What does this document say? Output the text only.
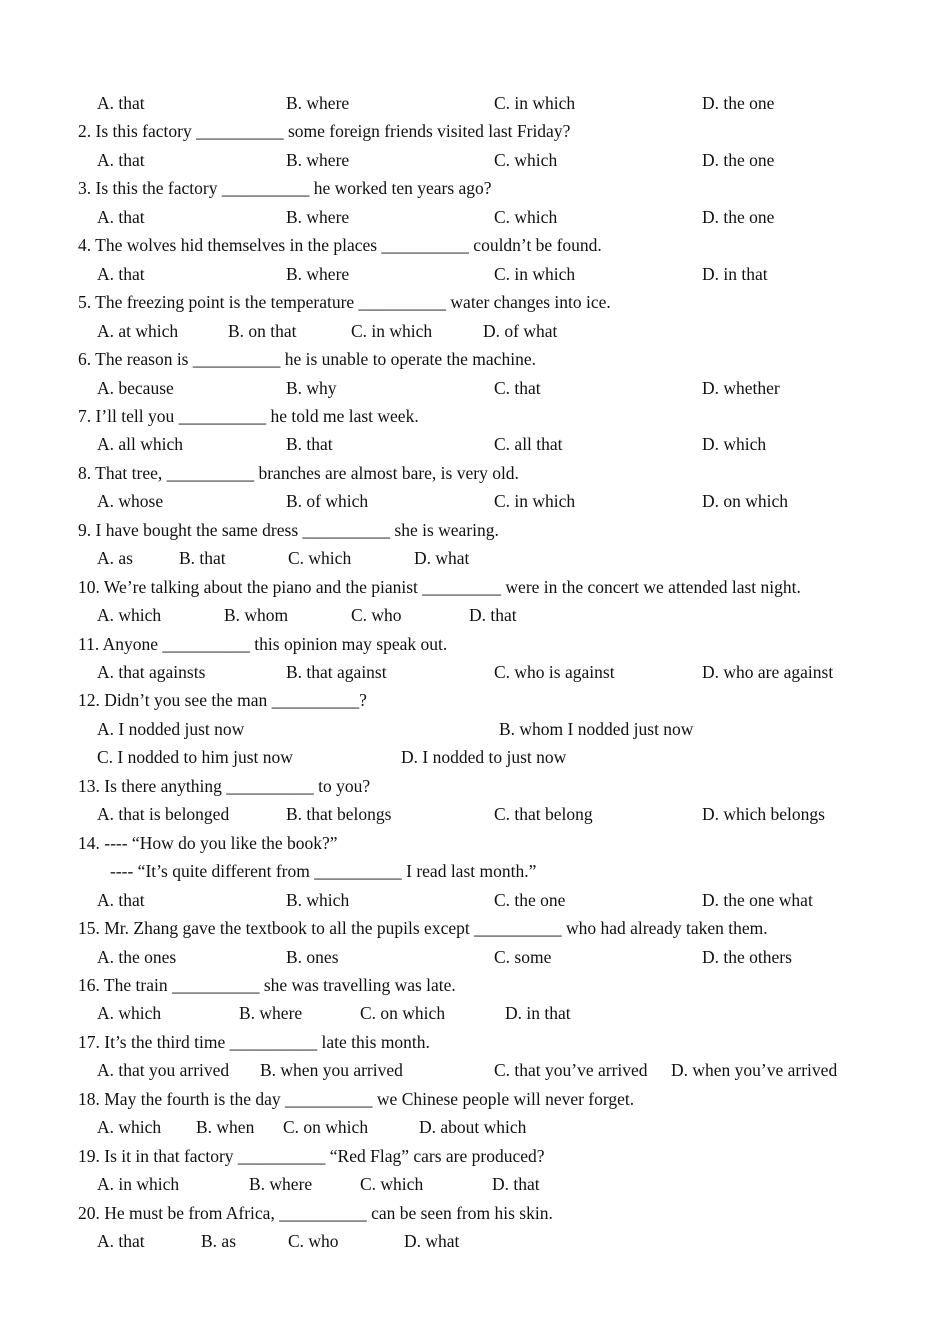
A. that	B. where	C. in which	D. the one
2. Is this factory __________ some foreign friends visited last Friday?
A. that	B. where	C. which	D. the one
3. Is this the factory __________ he worked ten years ago?
A. that	B. where	C. which	D. the one
4. The wolves hid themselves in the places __________ couldn’t be found.
A. that	B. where	C. in which	D. in that
5. The freezing point is the temperature __________ water changes into ice.
A. at which	B. on that	C. in which	D. of what
6. The reason is __________ he is unable to operate the machine.
A. because	B. why	C. that	D. whether
7. I’ll tell you __________ he told me last week.
A. all which	B. that	C. all that	D. which
8. That tree, __________ branches are almost bare, is very old.
A. whose	B. of which	C. in which	D. on which
9. I have bought the same dress __________ she is wearing.
A. as	B. that	C. which	D. what
10. We’re talking about the piano and the pianist _________ were in the concert we attended last night.
A. which	B. whom	C. who	D. that
11. Anyone __________ this opinion may speak out.
A. that againsts	B. that against	C. who is against	D. who are against
12. Didn’t you see the man __________?
A. I nodded just now	B. whom I nodded just now
C. I nodded to him just now	D. I nodded to just now
13. Is there anything __________ to you?
A. that is belonged	B. that belongs	C. that belong	D. which belongs
14. ---- “How do you like the book?”
---- “It’s quite different from __________ I read last month.”
A. that	B. which	C. the one	D. the one what
15. Mr. Zhang gave the textbook to all the pupils except __________ who had already taken them.
A. the ones	B. ones	C. some	D. the others
16. The train __________ she was travelling was late.
A. which	B. where	C. on which	D. in that
17. It’s the third time __________ late this month.
A. that you arrived B. when you arrived	C. that you’ve arrived D. when you’ve arrived
18. May the fourth is the day __________ we Chinese people will never forget.
A. which B. when C. on which	D. about which
19. Is it in that factory __________ “Red Flag” cars are produced?
A. in which	B. where	C. which	D. that
20. He must be from Africa, __________ can be seen from his skin.
A. that	B. as	C. who	D. what
